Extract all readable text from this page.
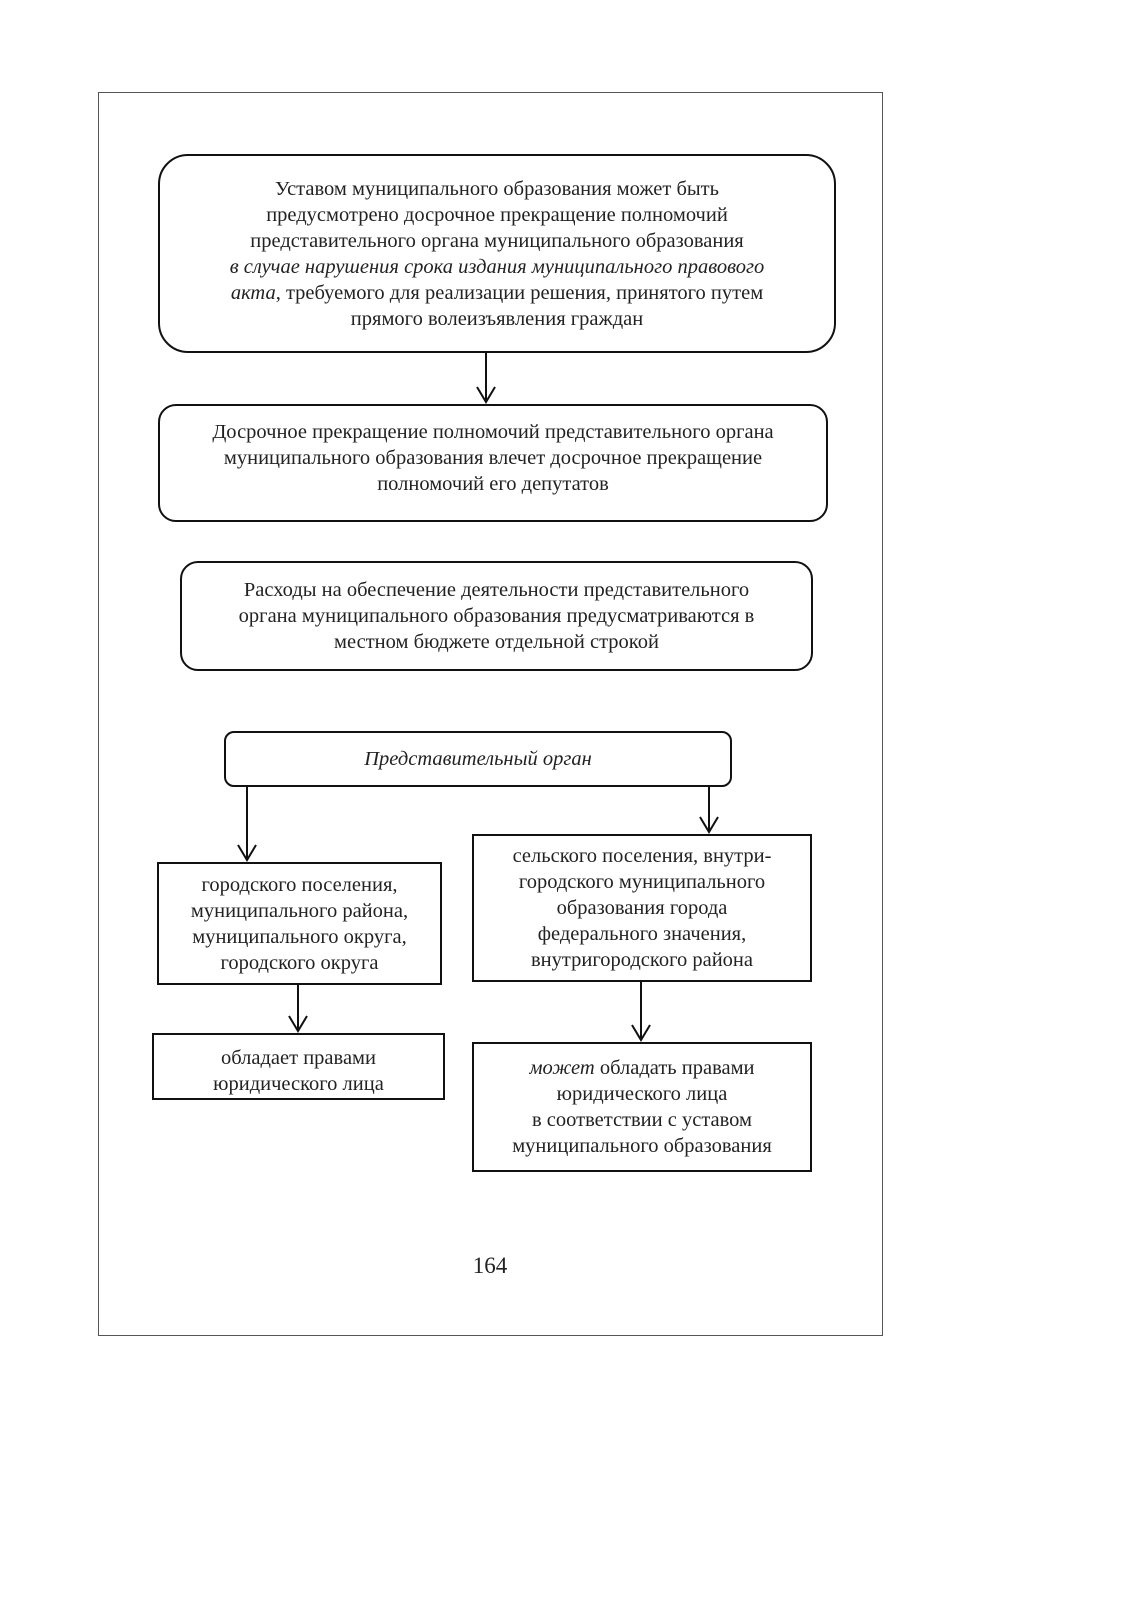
Уставом муниципального образования может быть
предусмотрено досрочное прекращение полномочий
представительного органа муниципального образования
в случае нарушения срока издания муниципального правового
акта, требуемого для реализации решения, принятого путем
прямого волеизъявления граждан

Досрочное прекращение полномочий представительного органа
муниципального образования влечет досрочное прекращение
полномочий его депутатов

Расходы на обеспечение деятельности представительного
органа муниципального образования предусматриваются в
местном бюджете отдельной строкой

Представительный орган

городского поселения,
муниципального района,
муниципального округа,
городского округа

сельского поселения, внутри-
городского муниципального
образования города
федерального значения,
внутригородского района

обладает правами
юридического лица

может обладать правами
юридического лица
в соответствии с уставом
муниципального образования

164
